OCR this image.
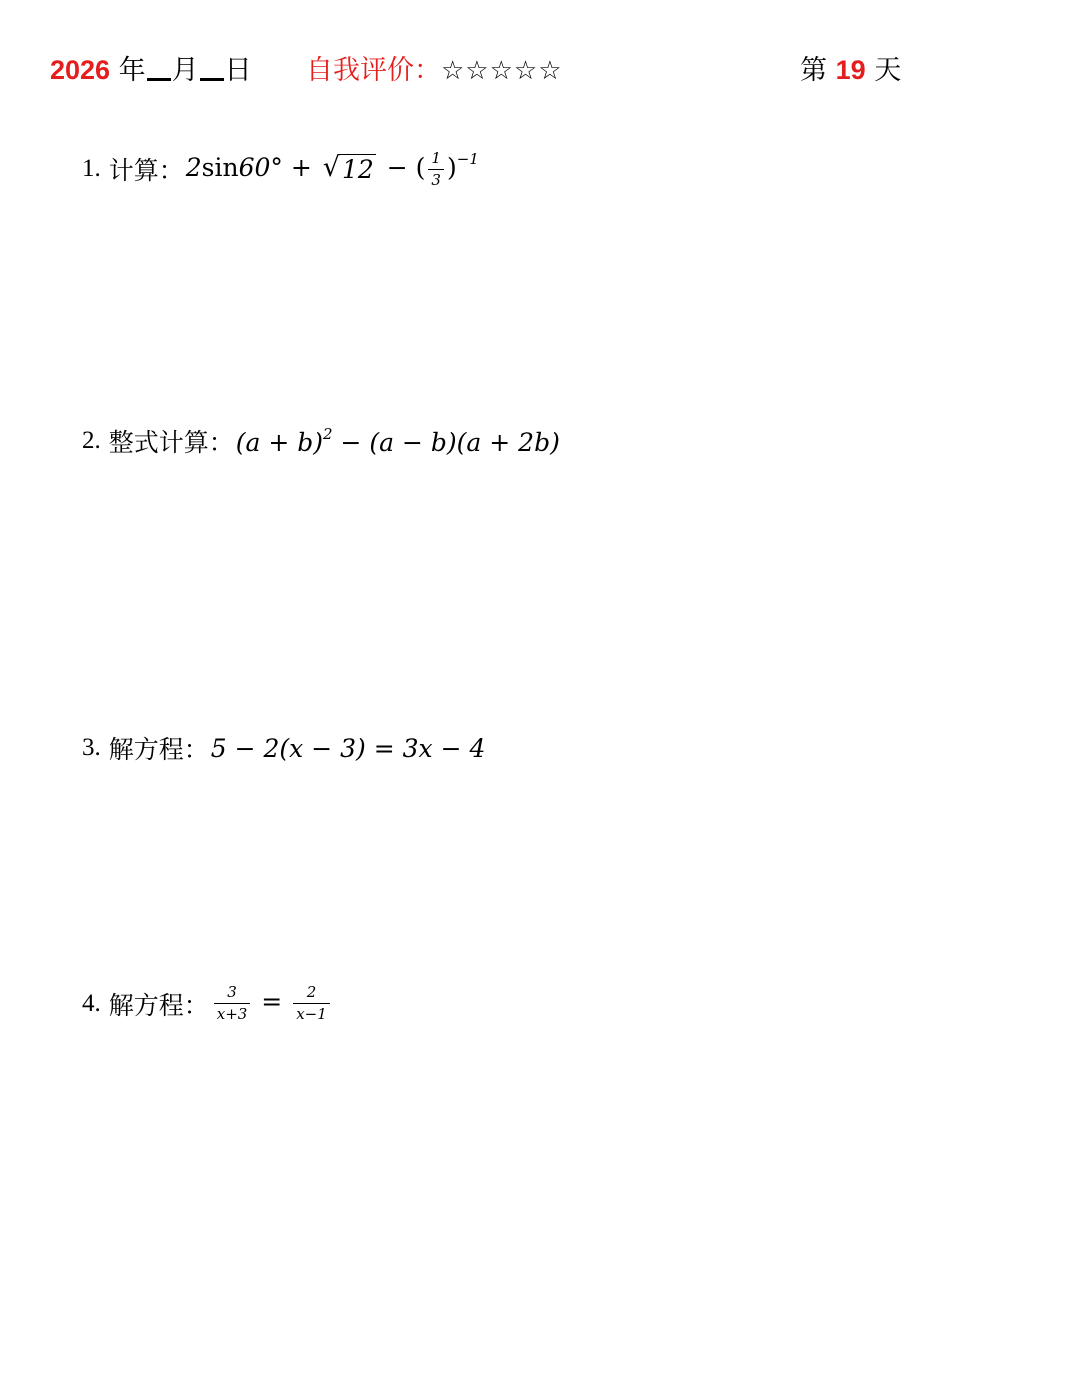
2026 年 月 日 自我评价：☆☆☆☆☆	第 19 天
1. 计算： 2sin60° + √ 12 − ( $\frac{1}{3} )^{-1}$
2. 整式计算： $(a + b)^2 - (a - b)(a + 2b)$
3. 解方程： 5 − 2(x − 3) = 3x − 4
4. 解方程： $\frac{3}{x+3} = \frac{2}{x-1}$
